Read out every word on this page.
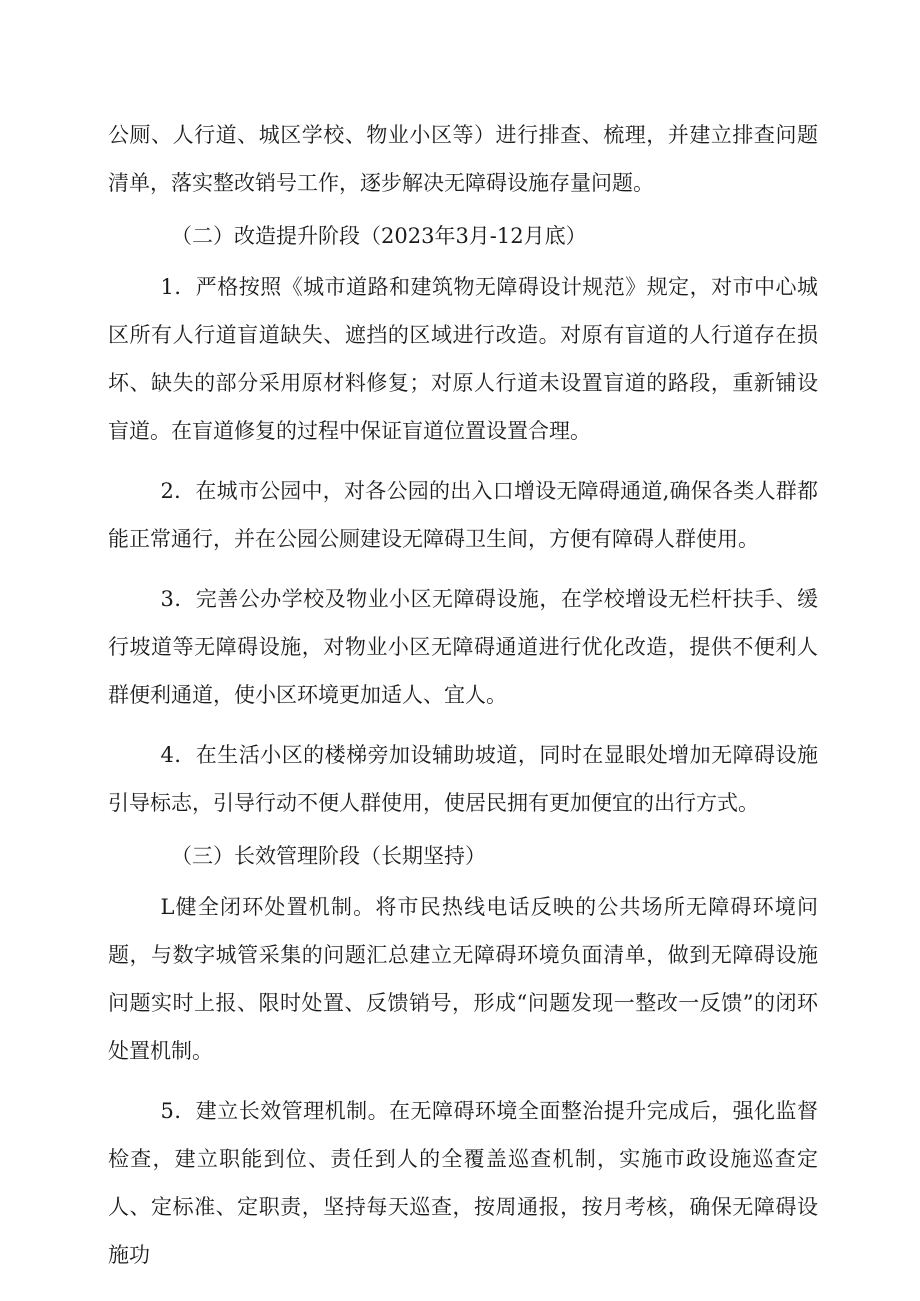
公厕、人行道、城区学校、物业小区等）进行排查、梳理，并建立排查问题清单，落实整改销号工作，逐步解决无障碍设施存量问题。

（二）改造提升阶段（2023年3月-12月底）

1．严格按照《城市道路和建筑物无障碍设计规范》规定，对市中心城区所有人行道盲道缺失、遮挡的区域进行改造。对原有盲道的人行道存在损坏、缺失的部分采用原材料修复；对原人行道未设置盲道的路段，重新铺设盲道。在盲道修复的过程中保证盲道位置设置合理。

2．在城市公园中，对各公园的出入口增设无障碍通道,确保各类人群都能正常通行，并在公园公厕建设无障碍卫生间，方便有障碍人群使用。

3．完善公办学校及物业小区无障碍设施，在学校增设无栏杆扶手、缓行坡道等无障碍设施，对物业小区无障碍通道进行优化改造，提供不便利人群便利通道，使小区环境更加适人、宜人。

4．在生活小区的楼梯旁加设辅助坡道，同时在显眼处增加无障碍设施引导标志，引导行动不便人群使用，使居民拥有更加便宜的出行方式。

（三）长效管理阶段（长期坚持）

L健全闭环处置机制。将市民热线电话反映的公共场所无障碍环境问题，与数字城管采集的问题汇总建立无障碍环境负面清单，做到无障碍设施问题实时上报、限时处置、反馈销号，形成“问题发现一整改一反馈”的闭环处置机制。

5．建立长效管理机制。在无障碍环境全面整治提升完成后，强化监督检查，建立职能到位、责任到人的全覆盖巡查机制，实施市政设施巡查定人、定标准、定职责，坚持每天巡查，按周通报，按月考核，确保无障碍设施功
